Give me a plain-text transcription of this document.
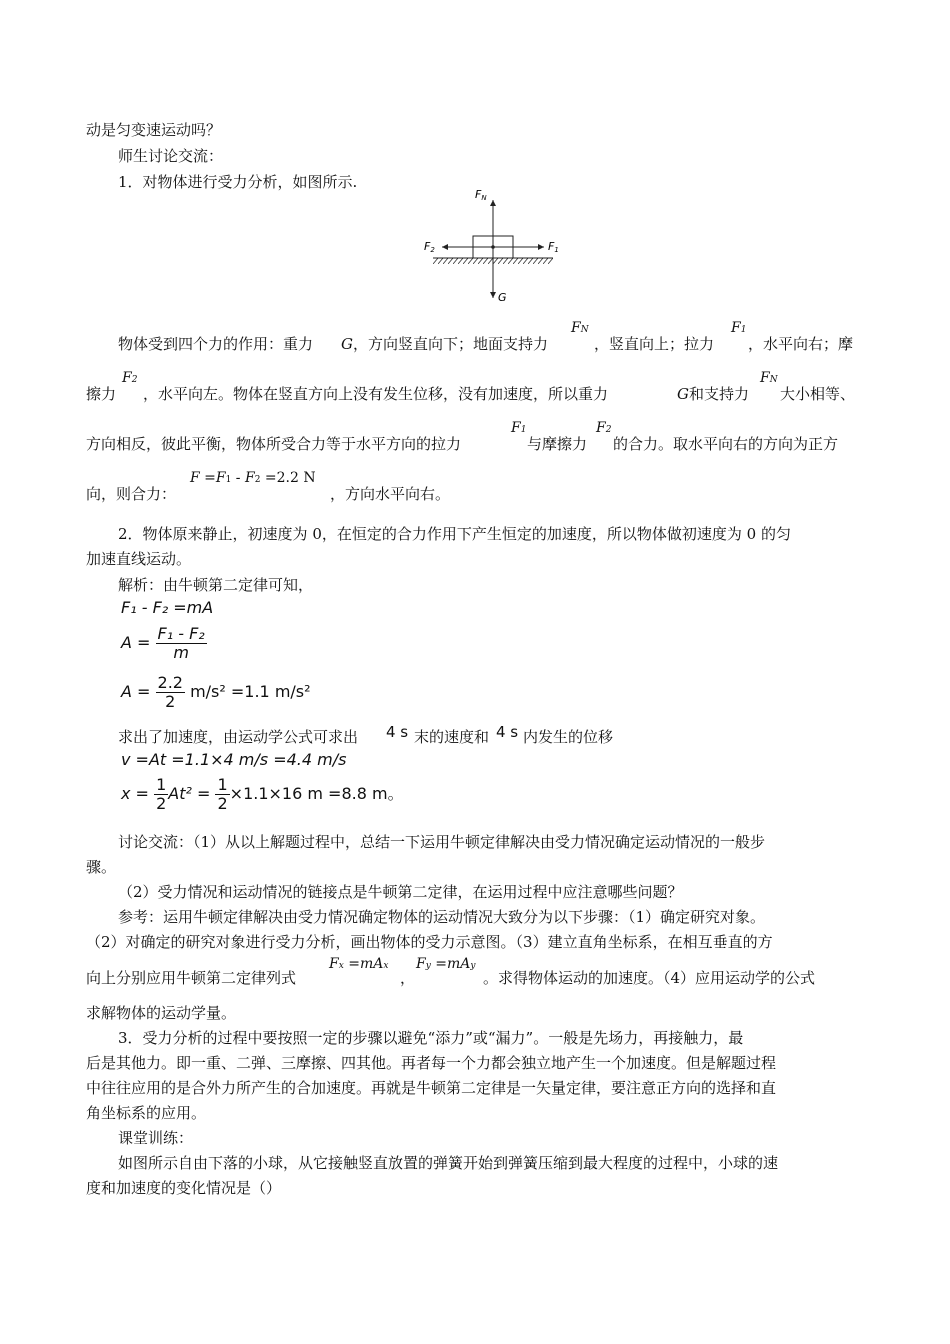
动是匀变速运动吗？
师生讨论交流：
1．对物体进行受力分析，如图所示.
FN
F1
F2
G
物体受到四个力的作用：重力 G ，方向竖直向下；地面支持力
FN
，竖直向上；拉力
F1
，水平向右；摩
擦力
F2
，水平向左。物体在竖直方向上没有发生位移，没有加速度，所以重力	G 和支持力
FN
大小相等、
方向相反，彼此平衡，物体所受合力等于水平方向的拉力
F1
与摩擦力
F2
的合力。取水平向右的方向为正方
向，则合力：
F =F1 - F2 =2.2 N
，方向水平向右。
2．物体原来静止，初速度为 0，在恒定的合力作用下产生恒定的加速度，所以物体做初速度为 0 的匀
加速直线运动。
解析：由牛顿第二定律可知，
F₁ - F₂ =mA
$A = \frac{\text{F₁ - F₂}}{m}$
$A = \frac{2.2}{2} m/s^2 =1.1$ m/s²
求出了加速度，由运动学公式可求出 4 s 末的速度和 4 s 内发生的位移
v =At =1.1×4 m/s =4.4 m/s
$x = \frac{1}{2} At^2 = \frac{1}{2} \times 1.1\times 16$ m =8.8 m。
讨论交流：（1）从以上解题过程中，总结一下运用牛顿定律解决由受力情况确定运动情况的一般步
骤。
（2）受力情况和运动情况的链接点是牛顿第二定律，在运用过程中应注意哪些问题？
参考：运用牛顿定律解决由受力情况确定物体的运动情况大致分为以下步骤：（1）确定研究对象。
（2）对确定的研究对象进行受力分析，画出物体的受力示意图。（3）建立直角坐标系，在相互垂直的方
向上分别应用牛顿第二定律列式
Fx =mAx
，
Fy =mAy
。求得物体运动的加速度。（4）应用运动学的公式
求解物体的运动学量。
3．受力分析的过程中要按照一定的步骤以避免“添力”或“漏力”。一般是先场力，再接触力，最
后是其他力。即一重、二弹、三摩擦、四其他。再者每一个力都会独立地产生一个加速度。但是解题过程
中往往应用的是合外力所产生的合加速度。再就是牛顿第二定律是一矢量定律，要注意正方向的选择和直
角坐标系的应用。
课堂训练：
如图所示自由下落的小球，从它接触竖直放置的弹簧开始到弹簧压缩到最大程度的过程中，小球的速
度和加速度的变化情况是（）
